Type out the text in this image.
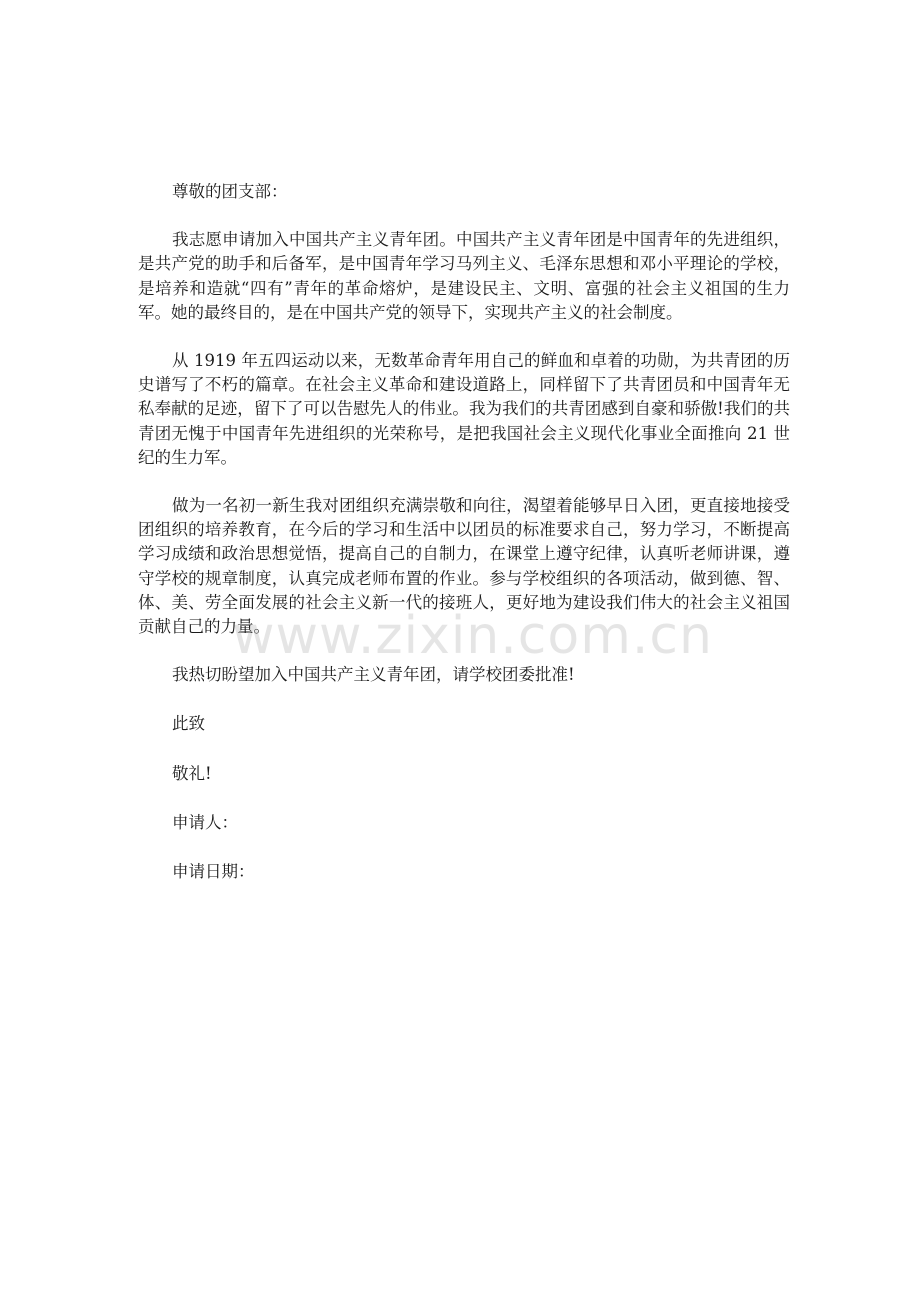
尊敬的团支部：

我志愿申请加入中国共产主义青年团。中国共产主义青年团是中国青年的先进组织，是共产党的助手和后备军，是中国青年学习马列主义、毛泽东思想和邓小平理论的学校，是培养和造就“四有”青年的革命熔炉，是建设民主、文明、富强的社会主义祖国的生力军。她的最终目的，是在中国共产党的领导下，实现共产主义的社会制度。

从 1919 年五四运动以来，无数革命青年用自己的鲜血和卓着的功勋，为共青团的历史谱写了不朽的篇章。在社会主义革命和建设道路上，同样留下了共青团员和中国青年无私奉献的足迹，留下了可以告慰先人的伟业。我为我们的共青团感到自豪和骄傲!我们的共青团无愧于中国青年先进组织的光荣称号，是把我国社会主义现代化事业全面推向 21 世纪的生力军。

做为一名初一新生我对团组织充满崇敬和向往，渴望着能够早日入团，更直接地接受团组织的培养教育，在今后的学习和生活中以团员的标准要求自己，努力学习，不断提高学习成绩和政治思想觉悟，提高自己的自制力，在课堂上遵守纪律，认真听老师讲课，遵守学校的规章制度，认真完成老师布置的作业。参与学校组织的各项活动，做到德、智、体、美、劳全面发展的社会主义新一代的接班人，更好地为建设我们伟大的社会主义祖国贡献自己的力量。

我热切盼望加入中国共产主义青年团，请学校团委批准!

此致

敬礼!

申请人：

申请日期：

www.zixin.com.cn
